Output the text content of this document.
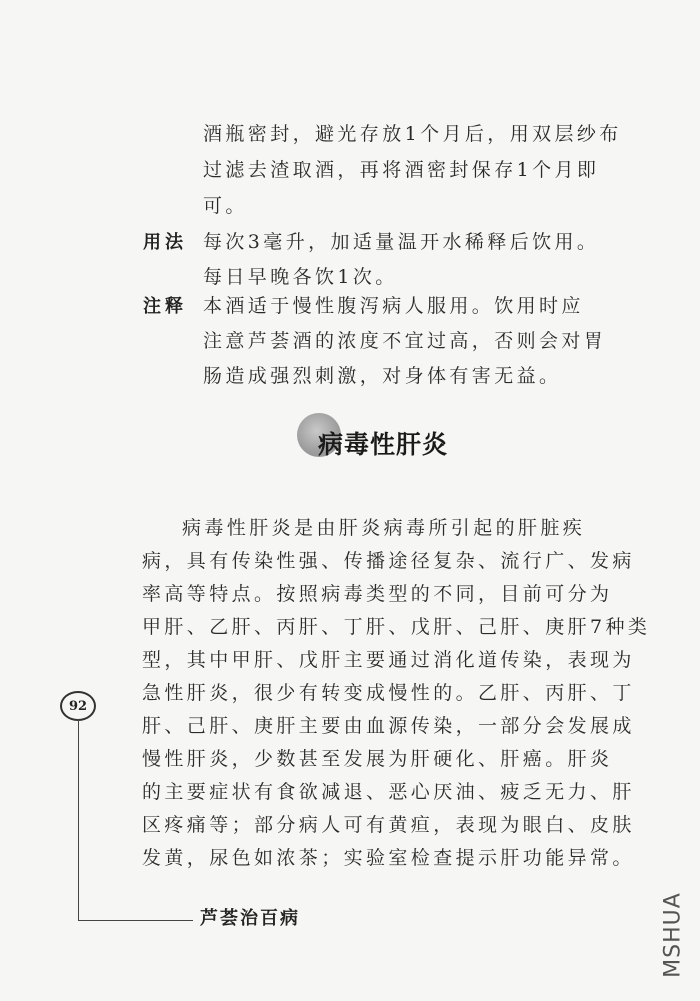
酒瓶密封，避光存放1个月后，用双层纱布
过滤去渣取酒，再将酒密封保存1个月即
可。
用法 每次3毫升，加适量温开水稀释后饮用。
每日早晚各饮1次。
注释 本酒适于慢性腹泻病人服用。饮用时应
注意芦荟酒的浓度不宜过高，否则会对胃
肠造成强烈刺激，对身体有害无益。
病毒性肝炎
病毒性肝炎是由肝炎病毒所引起的肝脏疾
病，具有传染性强、传播途径复杂、流行广、发病
率高等特点。按照病毒类型的不同，目前可分为
甲肝、乙肝、丙肝、丁肝、戊肝、己肝、庚肝7种类
型，其中甲肝、戊肝主要通过消化道传染，表现为
急性肝炎，很少有转变成慢性的。乙肝、丙肝、丁
肝、己肝、庚肝主要由血源传染，一部分会发展成
慢性肝炎，少数甚至发展为肝硬化、肝癌。肝炎
的主要症状有食欲减退、恶心厌油、疲乏无力、肝
区疼痛等；部分病人可有黄疸，表现为眼白、皮肤
发黄，尿色如浓茶；实验室检查提示肝功能异常。
92
芦荟治百病	MSHUA
